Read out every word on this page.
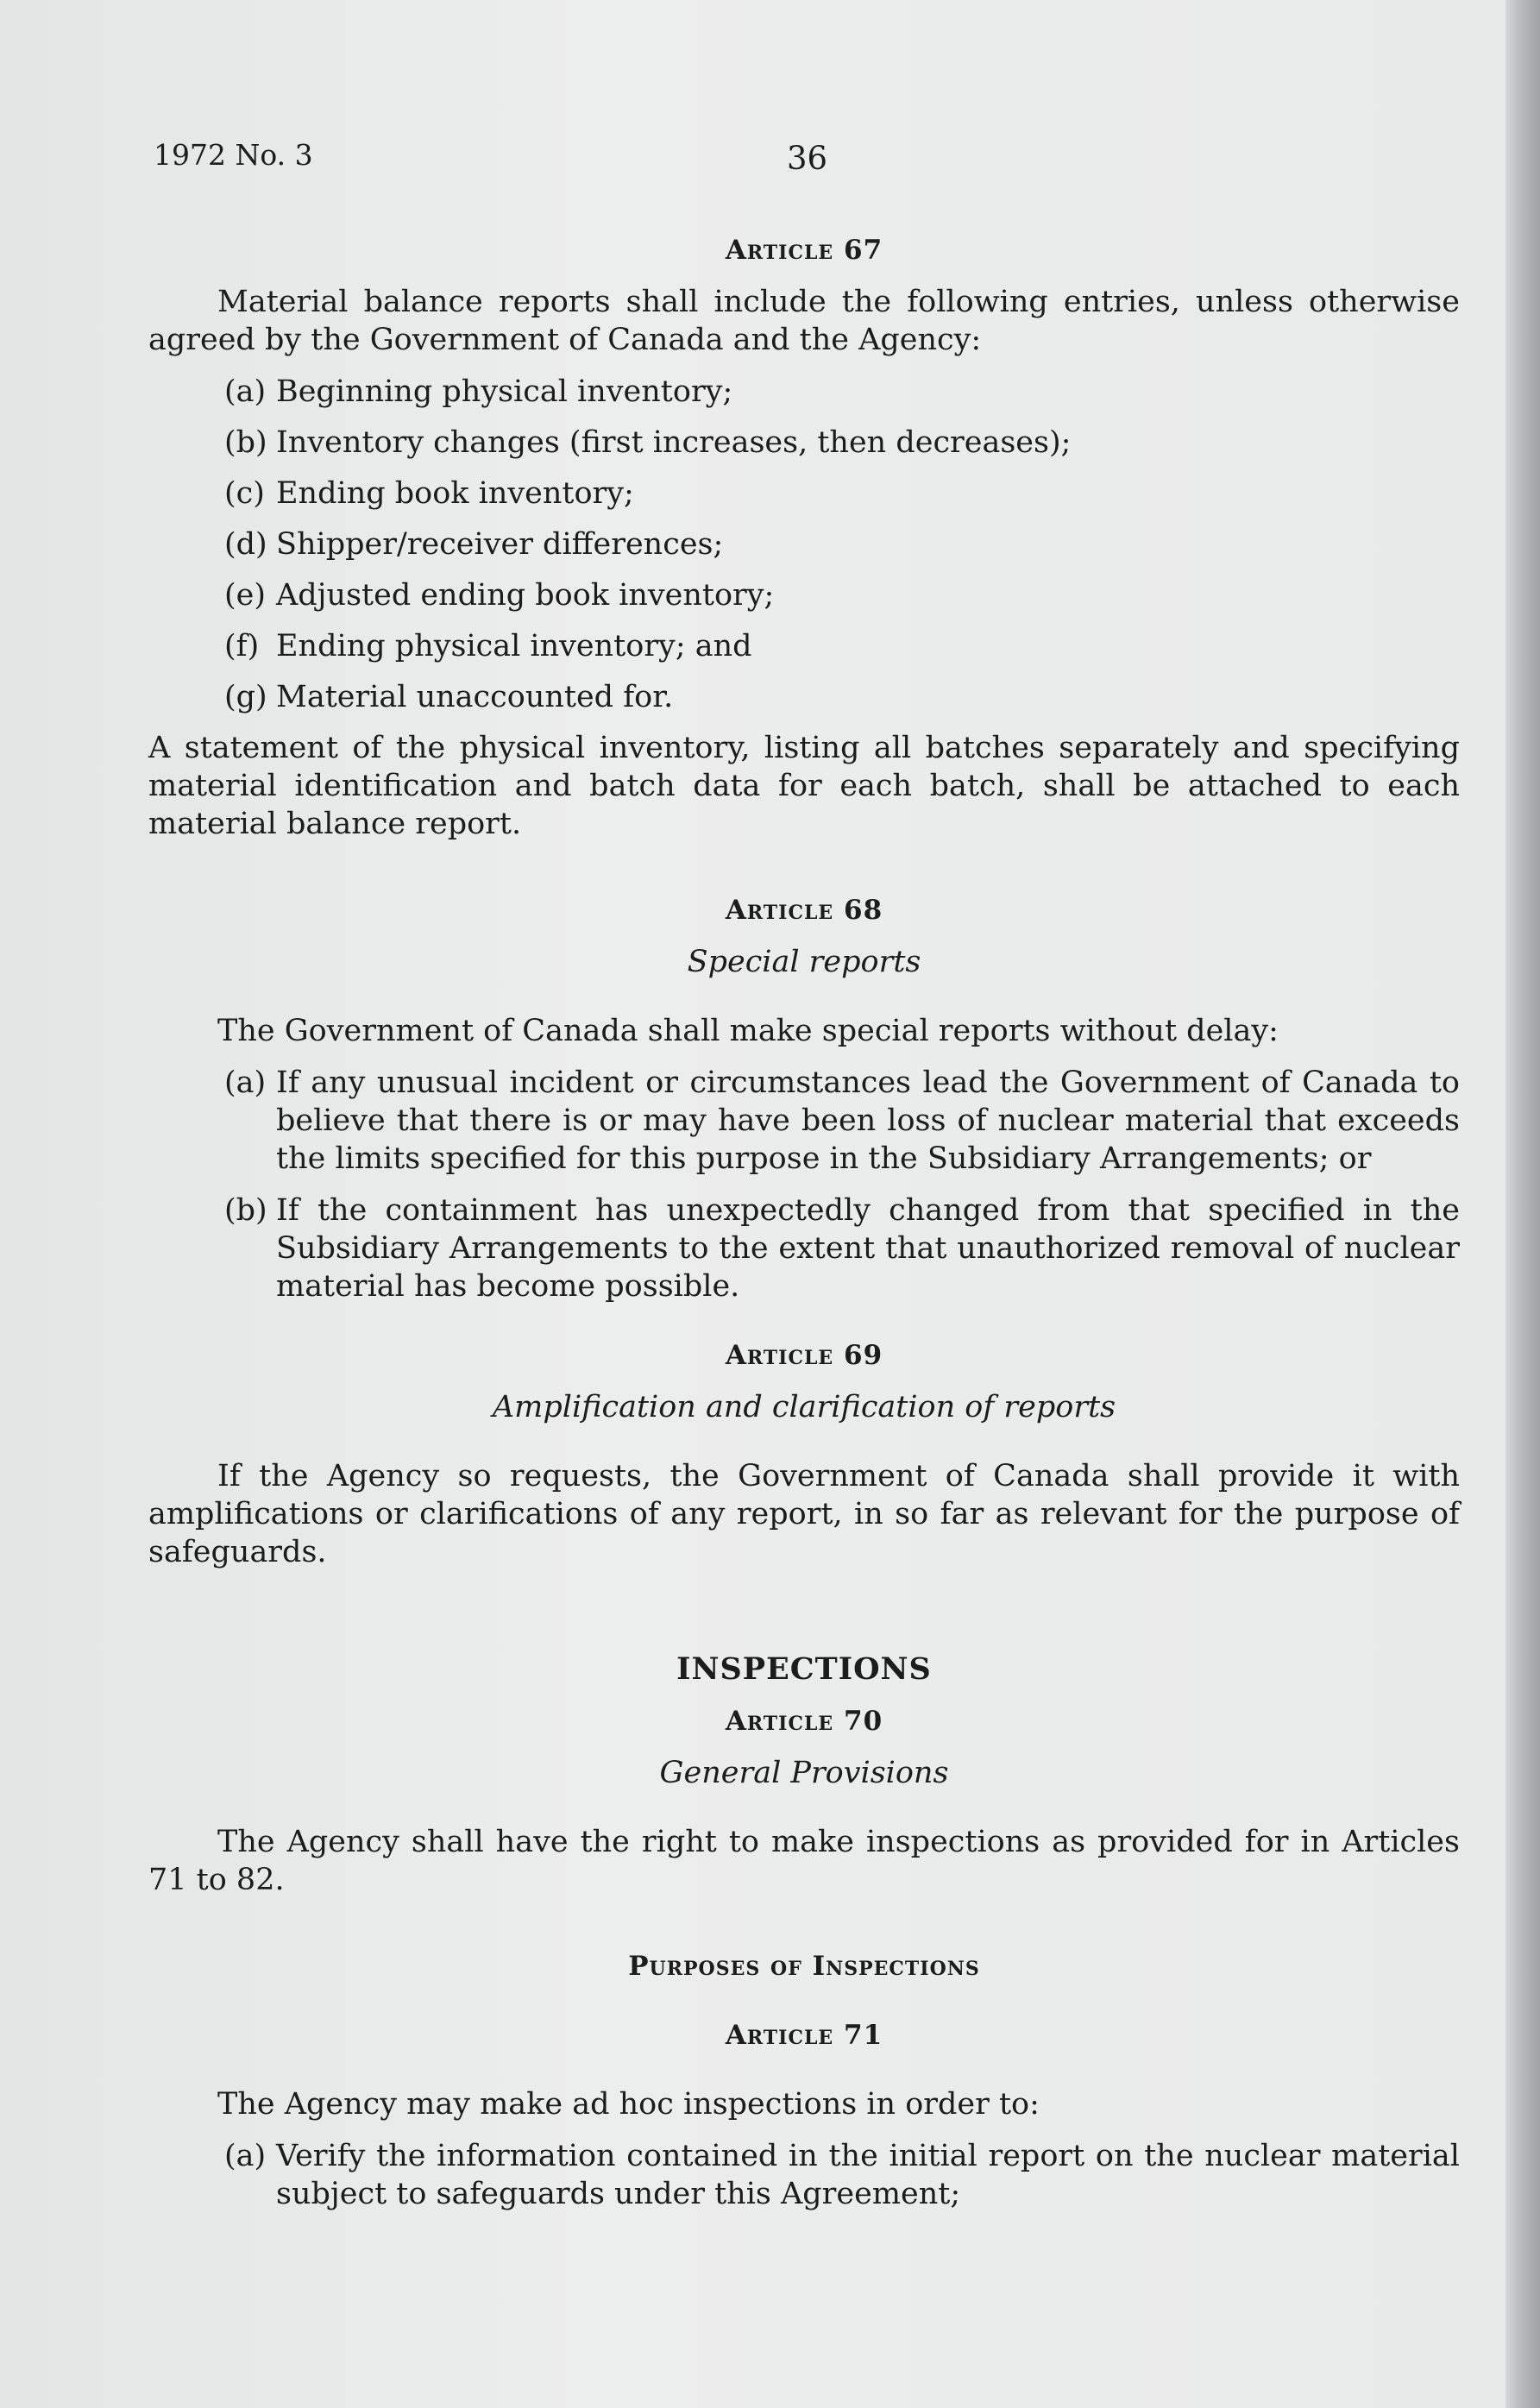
1972 No. 3	36
Article 67

Material balance reports shall include the following entries, unless otherwise agreed by the Government of Canada and the Agency:

(a) Beginning physical inventory;
(b) Inventory changes (first increases, then decreases);
(c) Ending book inventory;
(d) Shipper/receiver differences;
(e) Adjusted ending book inventory;
(f) Ending physical inventory; and
(g) Material unaccounted for.

A statement of the physical inventory, listing all batches separately and specifying material identification and batch data for each batch, shall be attached to each material balance report.

Article 68

Special reports

The Government of Canada shall make special reports without delay:

(a) If any unusual incident or circumstances lead the Government of Canada to believe that there is or may have been loss of nuclear material that exceeds the limits specified for this purpose in the Subsidiary Arrangements; or
(b) If the containment has unexpectedly changed from that specified in the Subsidiary Arrangements to the extent that unauthorized removal of nuclear material has become possible.
Article 69

Amplification and clarification of reports

If the Agency so requests, the Government of Canada shall provide it with amplifications or clarifications of any report, in so far as relevant for the purpose of safeguards.

INSPECTIONS
Article 70

General Provisions

The Agency shall have the right to make inspections as provided for in Articles 71 to 82.

Purposes of Inspections
Article 71

The Agency may make ad hoc inspections in order to:

(a) Verify the information contained in the initial report on the nuclear material subject to safeguards under this Agreement;
